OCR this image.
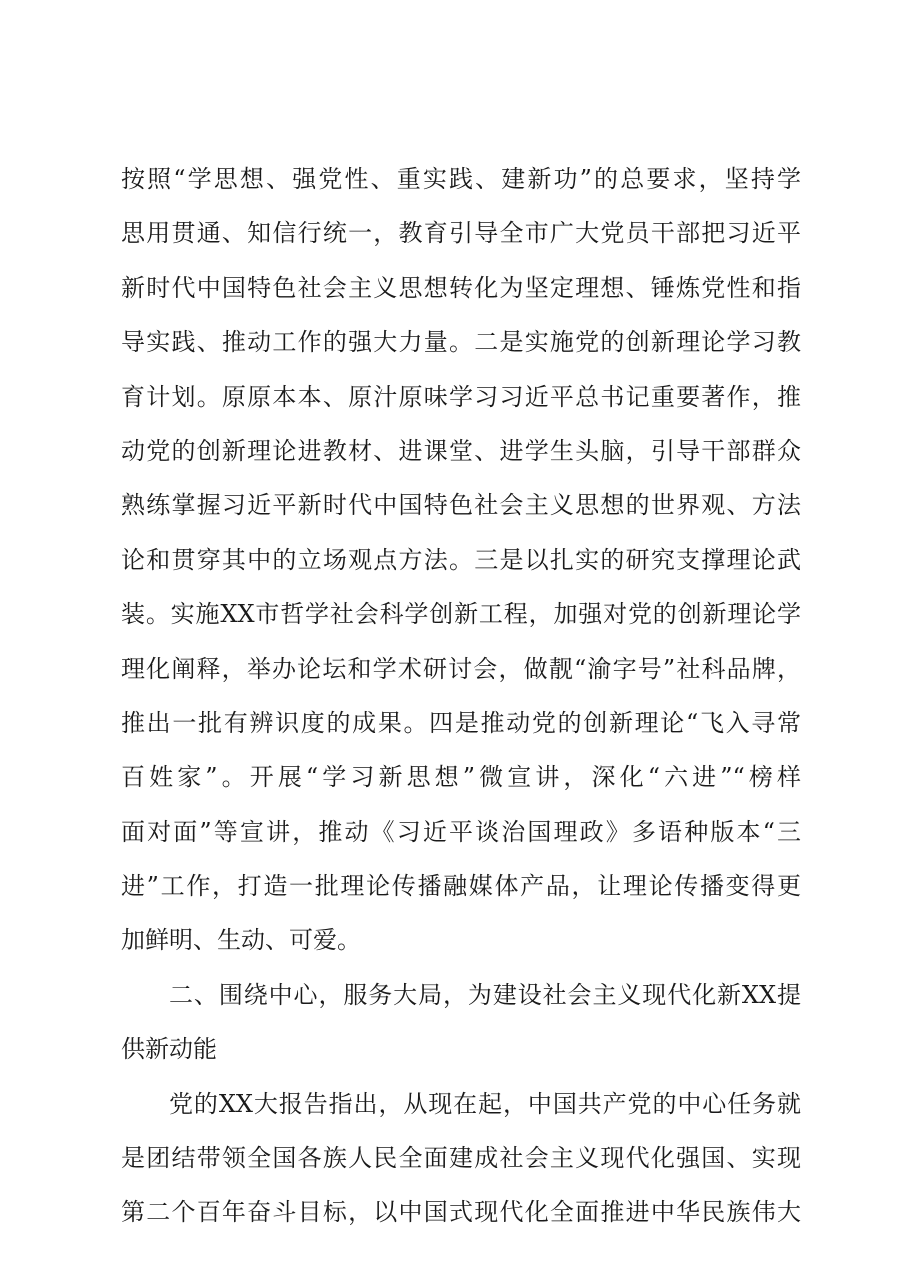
按照“学思想、强党性、重实践、建新功”的总要求，坚持学
思用贯通、知信行统一，教育引导全市广大党员干部把习近平
新时代中国特色社会主义思想转化为坚定理想、锤炼党性和指
导实践、推动工作的强大力量。二是实施党的创新理论学习教
育计划。原原本本、原汁原味学习习近平总书记重要著作，推
动党的创新理论进教材、进课堂、进学生头脑，引导干部群众
熟练掌握习近平新时代中国特色社会主义思想的世界观、方法
论和贯穿其中的立场观点方法。三是以扎实的研究支撑理论武
装。实施XX市哲学社会科学创新工程，加强对党的创新理论学
理化阐释，举办论坛和学术研讨会，做靓“渝字号”社科品牌，
推出一批有辨识度的成果。四是推动党的创新理论“飞入寻常
百姓家”。开展“学习新思想”微宣讲，深化“六进”“榜样
面对面”等宣讲，推动《习近平谈治国理政》多语种版本“三
进”工作，打造一批理论传播融媒体产品，让理论传播变得更
加鲜明、生动、可爱。
二、围绕中心，服务大局，为建设社会主义现代化新XX提
供新动能
党的XX大报告指出，从现在起，中国共产党的中心任务就
是团结带领全国各族人民全面建成社会主义现代化强国、实现
第二个百年奋斗目标，以中国式现代化全面推进中华民族伟大
